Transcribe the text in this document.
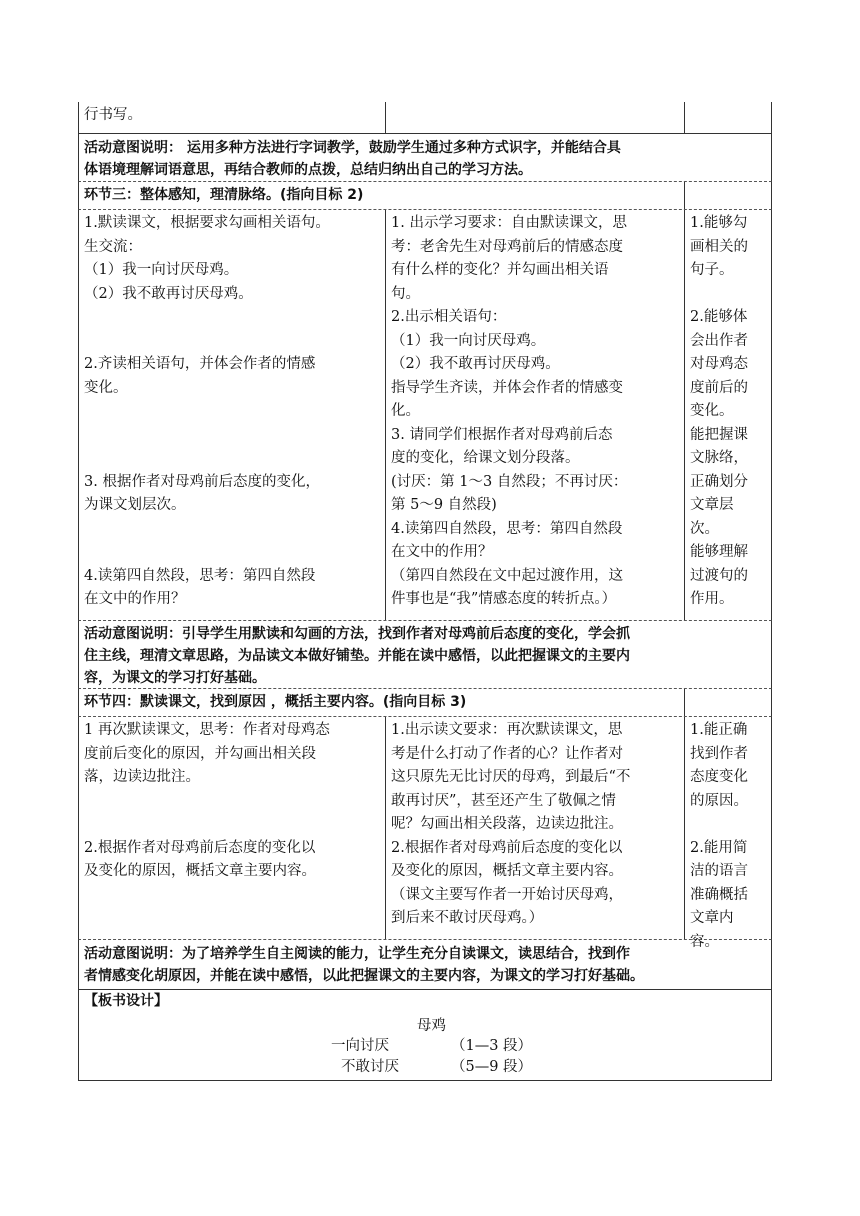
行书写。
活动意图说明： 运用多种方法进行字词教学，鼓励学生通过多种方式识字，并能结合具
体语境理解词语意思，再结合教师的点拨，总结归纳出自己的学习方法。
环节三：整体感知，理清脉络。(指向目标 2)
1.默读课文，根据要求勾画相关语句。
生交流：
（1）我一向讨厌母鸡。
（2）我不敢再讨厌母鸡。

2.齐读相关语句，并体会作者的情感
变化。

3. 根据作者对母鸡前后态度的变化，
为课文划层次。

4.读第四自然段，思考：第四自然段
在文中的作用？
1. 出示学习要求：自由默读课文，思
考：老舍先生对母鸡前后的情感态度
有什么样的变化？并勾画出相关语
句。
2.出示相关语句：
（1）我一向讨厌母鸡。
（2）我不敢再讨厌母鸡。
指导学生齐读，并体会作者的情感变
化。
3. 请同学们根据作者对母鸡前后态
度的变化，给课文划分段落。
(讨厌：第 1～3 自然段；不再讨厌：
第 5～9 自然段)
4.读第四自然段，思考：第四自然段
在文中的作用？
（第四自然段在文中起过渡作用，这
件事也是“我”情感态度的转折点。）
1.能够勾
画相关的
句子。

2.能够体
会出作者
对母鸡态
度前后的
变化。
能把握课
文脉络，
正确划分
文章层
次。
能够理解
过渡句的
作用。
活动意图说明：引导学生用默读和勾画的方法，找到作者对母鸡前后态度的变化，学会抓
住主线，理清文章思路，为品读文本做好铺垫。并能在读中感悟，以此把握课文的主要内
容，为课文的学习打好基础。
环节四：默读课文，找到原因 ，概括主要内容。(指向目标 3)
1 再次默读课文，思考：作者对母鸡态
度前后变化的原因，并勾画出相关段
落，边读边批注。

2.根据作者对母鸡前后态度的变化以
及变化的原因，概括文章主要内容。
1.出示读文要求：再次默读课文，思
考是什么打动了作者的心？让作者对
这只原先无比讨厌的母鸡，到最后“不
敢再讨厌”，甚至还产生了敬佩之情
呢？勾画出相关段落，边读边批注。
2.根据作者对母鸡前后态度的变化以
及变化的原因，概括文章主要内容。
（课文主要写作者一开始讨厌母鸡，
到后来不敢讨厌母鸡。）
1.能正确
找到作者
态度变化
的原因。

2.能用简
洁的语言
准确概括
文章内
容。
活动意图说明：为了培养学生自主阅读的能力，让学生充分自读课文，读思结合，找到作
者情感变化胡原因，并能在读中感悟，以此把握课文的主要内容，为课文的学习打好基础。
【板书设计】
母鸡
一向讨厌	（1—3 段）
不敢讨厌	（5—9 段）
